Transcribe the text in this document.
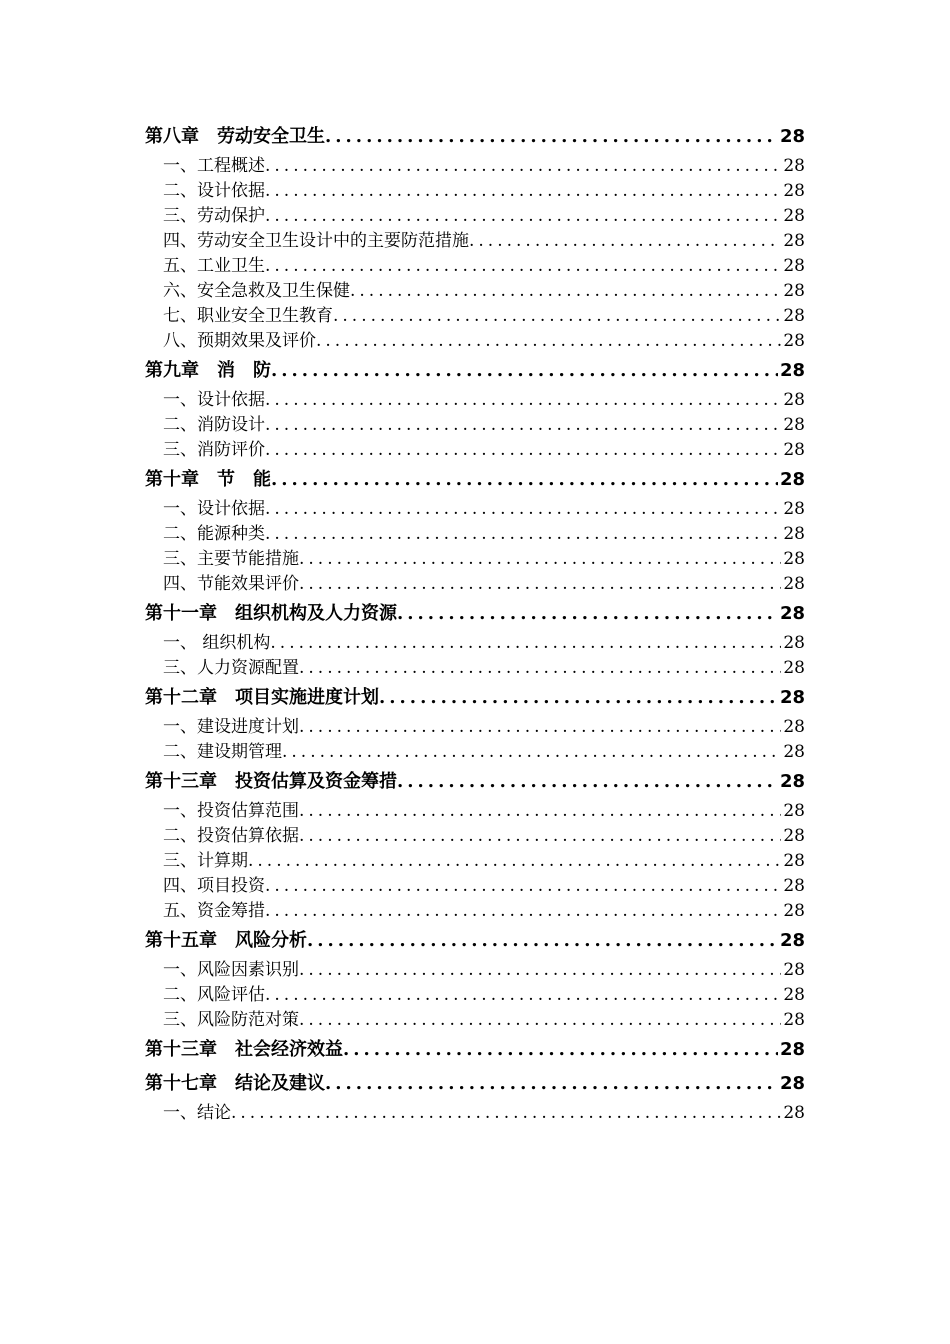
第八章　劳动安全卫生 .....	28
一、工程概述 .....	28
二、设计依据 .....	28
三、劳动保护 .....	28
四、劳动安全卫生设计中的主要防范措施 .....	28
五、工业卫生 .....	28
六、安全急救及卫生保健 .....	28
七、职业安全卫生教育 .....	28
八、预期效果及评价 .....	28
第九章　消　防 .....	28
一、设计依据 .....	28
二、消防设计 .....	28
三、消防评价 .....	28
第十章　节　能 .....	28
一、设计依据 .....	28
二、能源种类 .....	28
三、主要节能措施 .....	28
四、节能效果评价 .....	28
第十一章　组织机构及人力资源 .....	28
一、 组织机构 .....	28
三、人力资源配置 .....	28
第十二章　项目实施进度计划 .....	28
一、建设进度计划 .....	28
二、建设期管理 .....	28
第十三章　投资估算及资金筹措 .....	28
一、投资估算范围 .....	28
二、投资估算依据 .....	28
三、计算期 .....	28
四、项目投资 .....	28
五、资金筹措 .....	28
第十五章　风险分析 .....	28
一、风险因素识别 .....	28
二、风险评估 .....	28
三、风险防范对策 .....	28
第十三章　社会经济效益 .....	28
第十七章　结论及建议 .....	28
一、结论 .....	28
